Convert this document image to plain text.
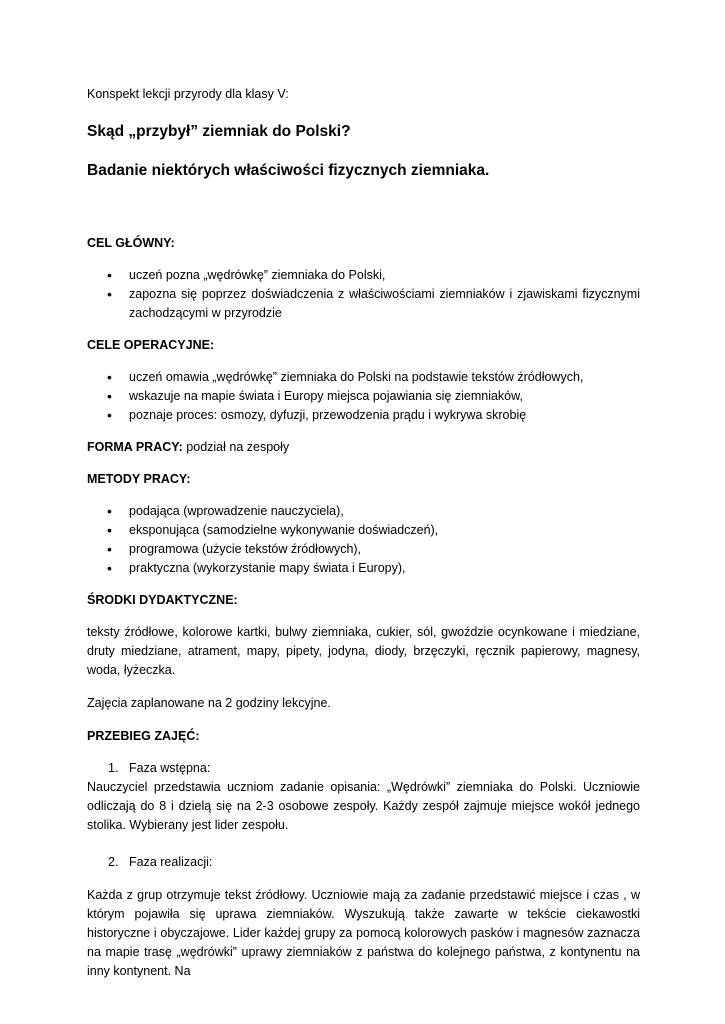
Konspekt lekcji przyrody dla klasy V:

Skąd „przybył” ziemniak do Polski?
Badanie niektórych właściwości fizycznych ziemniaka.

CEL GŁÓWNY:

• uczeń pozna „wędrówkę” ziemniaka do Polski,
• zapozna się poprzez doświadczenia z właściwościami ziemniaków i zjawiskami fizycznymi zachodzącymi w przyrodzie

CELE OPERACYJNE:

• uczeń omawia „wędrówkę” ziemniaka do Polski na podstawie tekstów źródłowych,
• wskazuje na mapie świata i Europy miejsca pojawiania się ziemniaków,
• poznaje proces: osmozy, dyfuzji, przewodzenia prądu i wykrywa skrobię

FORMA PRACY: podział na zespoły

METODY PRACY:

• podająca (wprowadzenie nauczyciela),
• eksponująca (samodzielne wykonywanie doświadczeń),
• programowa (użycie tekstów źródłowych),
• praktyczna (wykorzystanie mapy świata i Europy),

ŚRODKI DYDAKTYCZNE:

teksty źródłowe, kolorowe kartki, bulwy ziemniaka, cukier, sól, gwoździe ocynkowane i miedziane, druty miedziane, atrament, mapy, pipety, jodyna, diody, brzęczyki, ręcznik papierowy, magnesy, woda, łyżeczka.

Zajęcia zaplanowane na 2 godziny lekcyjne.

PRZEBIEG ZAJĘĆ:

1. Faza wstępna:

Nauczyciel przedstawia uczniom zadanie opisania: „Wędrówki” ziemniaka do Polski. Uczniowie odliczają do 8 i dzielą się na 2-3 osobowe zespoły. Każdy zespół zajmuje miejsce wokół jednego stolika. Wybierany jest lider zespołu.

2. Faza realizacji:

Każda z grup otrzymuje tekst źródłowy. Uczniowie mają za zadanie przedstawić miejsce i czas , w którym pojawiła się uprawa ziemniaków. Wyszukują także zawarte w tekście ciekawostki historyczne i obyczajowe. Lider każdej grupy za pomocą kolorowych pasków i magnesów zaznacza na mapie trasę „wędrówki” uprawy ziemniaków z państwa do kolejnego państwa, z kontynentu na inny kontynent. Na
